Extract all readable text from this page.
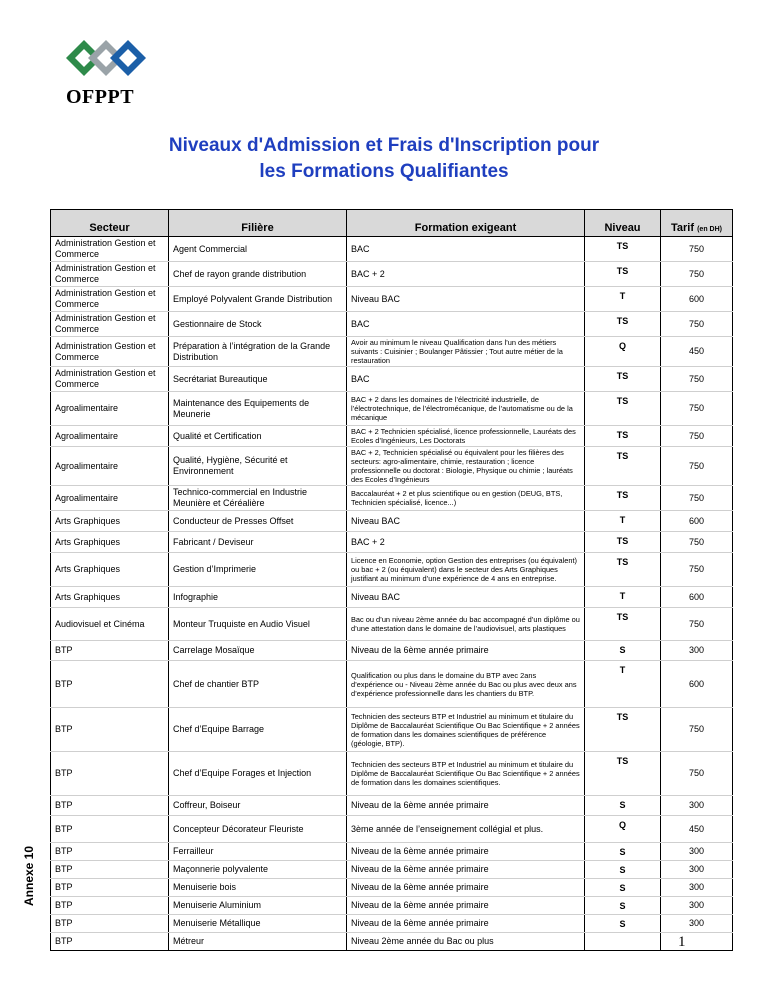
OFPPT
Niveaux d'Admission et Frais d'Inscription pour
les Formations Qualifiantes
Annexe 10
Secteur	Filière	Formation exigeant	Niveau	Tarif (en DH)
Administration Gestion et Commerce	Agent Commercial	BAC	TS	750
Administration Gestion et Commerce	Chef de rayon grande distribution	BAC + 2	TS	750
Administration Gestion et Commerce	Employé Polyvalent Grande Distribution	Niveau BAC	T	600
Administration Gestion et Commerce	Gestionnaire de Stock	BAC	TS	750
Administration Gestion et Commerce	Préparation à l’intégration de la Grande Distribution	Avoir au minimum le niveau Qualification dans l’un des métiers suivants : Cuisinier ; Boulanger Pâtissier ; Tout autre métier de la restauration	Q	450
Administration Gestion et Commerce	Secrétariat Bureautique	BAC	TS	750
Agroalimentaire	Maintenance des Equipements de Meunerie	BAC + 2 dans les domaines de l’électricité industrielle, de l’électrotechnique, de l’électromécanique, de l’automatisme ou de la mécanique	TS	750
Agroalimentaire	Qualité et Certification	BAC + 2 Technicien spécialisé, licence professionnelle, Lauréats des Ecoles d’Ingénieurs, Les Doctorats	TS	750
Agroalimentaire	Qualité, Hygiène, Sécurité et Environnement	BAC + 2, Technicien spécialisé ou équivalent pour les filières des secteurs: agro-alimentaire, chimie, restauration ; licence professionnelle ou doctorat : Biologie, Physique ou chimie ; lauréats des Ecoles d’Ingénieurs	TS	750
Agroalimentaire	Technico-commercial en Industrie Meunière et Céréalière	Baccalauréat + 2 et plus scientifique ou en gestion (DEUG, BTS, Technicien spécialisé, licence...)	TS	750
Arts Graphiques	Conducteur de Presses Offset	Niveau BAC	T	600
Arts Graphiques	Fabricant / Deviseur	BAC + 2	TS	750
Arts Graphiques	Gestion d’Imprimerie	Licence en Economie, option Gestion des entreprises (ou équivalent) ou bac + 2 (ou équivalent) dans le secteur des Arts Graphiques justifiant au minimum d’une expérience de 4 ans en entreprise.	TS	750
Arts Graphiques	Infographie	Niveau BAC	T	600
Audiovisuel et Cinéma	Monteur Truquiste en Audio Visuel	Bac ou d’un niveau 2ème année du bac accompagné d’un diplôme ou d’une attestation dans le domaine de l’audiovisuel, arts plastiques	TS	750
BTP	Carrelage Mosaïque	Niveau de la 6ème année primaire	S	300
BTP	Chef de chantier BTP	Qualification ou plus dans le domaine du BTP avec 2ans d’expérience ou - Niveau 2ème année du Bac ou plus avec deux ans d’expérience professionnelle dans les chantiers du BTP.	T	600
BTP	Chef d’Equipe Barrage	Technicien des secteurs BTP et Industriel au minimum et titulaire du Diplôme de Baccalauréat Scientifique Ou Bac Scientifique + 2 années de formation dans les domaines scientifiques de préférence (géologie, BTP).	TS	750
BTP	Chef d’Equipe Forages et Injection	Technicien des secteurs BTP et Industriel au minimum et titulaire du Diplôme de Baccalauréat Scientifique Ou Bac Scientifique + 2 années de formation dans les domaines scientifiques.	TS	750
BTP	Coffreur, Boiseur	Niveau de la 6ème année primaire	S	300
BTP	Concepteur Décorateur Fleuriste	3ème année de l’enseignement collégial et plus.	Q	450
BTP	Ferrailleur	Niveau de la 6ème année primaire	S	300
BTP	Maçonnerie polyvalente	Niveau de la 6ème année primaire	S	300
BTP	Menuiserie bois	Niveau de la 6ème année primaire	S	300
BTP	Menuiserie Aluminium	Niveau de la 6ème année primaire	S	300
BTP	Menuiserie Métallique	Niveau de la 6ème année primaire	S	300
BTP	Métreur	Niveau 2ème année du Bac ou plus			1
